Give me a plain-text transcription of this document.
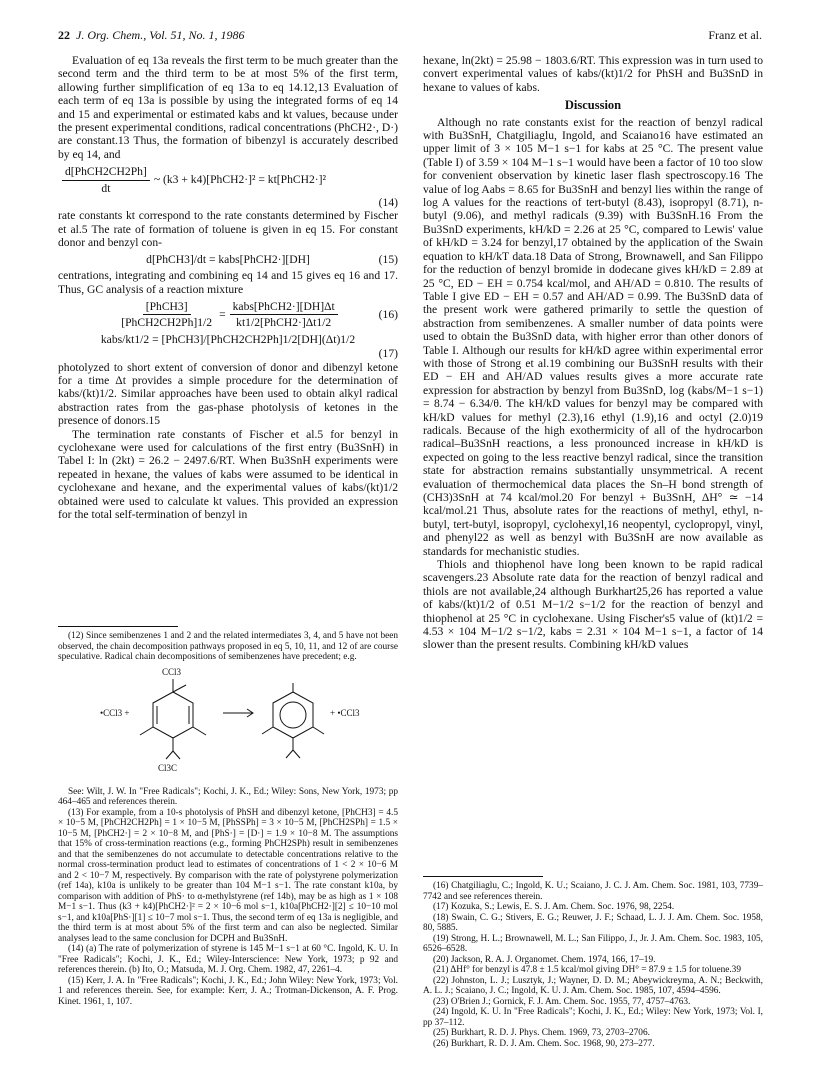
22 J. Org. Chem., Vol. 51, No. 1, 1986	Franz et al.

Evaluation of eq 13a reveals the first term to be much greater than the second term and the third term to be at most 5% of the first term, allowing further simplification of eq 13a to eq 14.12,13 Evaluation of each term of eq 13a is possible by using the integrated forms of eq 14 and 15 and experimental or estimated kabs and kt values, because under the present experimental conditions, radical concentrations (PhCH2·, D·) are constant.13 Thus, the formation of bibenzyl is accurately described by eq 14, and

$\frac{\text{d[PhCH2CH2Ph]}}{dt}$ ~ (k3 + k4)[PhCH2·]² = kt[PhCH2·]²
(14)

rate constants kt correspond to the rate constants determined by Fischer et al.5 The rate of formation of toluene is given in eq 15. For constant donor and benzyl con-

d[PhCH3]/dt = kabs[PhCH2·][DH]	(15)

centrations, integrating and combining eq 14 and 15 gives eq 16 and 17. Thus, GC analysis of a reaction mixture

$\frac{\text{[PhCH3]}}{\text{[PhCH2CH2Ph]1/2}} = \frac{\text{kabs[PhCH2·][DH]Δt}}{\text{kt1/2[PhCH2·]Δt1/2}}$	(16)
kabs/kt1/2 = [PhCH3]/[PhCH2CH2Ph]1/2[DH](Δt)1/2
(17)

photolyzed to short extent of conversion of donor and dibenzyl ketone for a time Δt provides a simple procedure for the determination of kabs/(kt)1/2. Similar approaches have been used to obtain alkyl radical abstraction rates from the gas-phase photolysis of ketones in the presence of donors.15

The termination rate constants of Fischer et al.5 for benzyl in cyclohexane were used for calculations of the first entry (Bu3SnH) in Tabel I: ln (2kt) = 26.2 − 2497.6/RT. When Bu3SnH experiments were repeated in hexane, the values of kabs were assumed to be identical in cyclohexane and hexane, and the experimental values of kabs/(kt)1/2 obtained were used to calculate kt values. This provided an expression for the total self-termination of benzyl in

(12) Since semibenzenes 1 and 2 and the related intermediates 3, 4, and 5 have not been observed, the chain decomposition pathways proposed in eq 5, 10, 11, and 12 of are course speculative. Radical chain decompositions of semibenzenes have precedent; e.g.

CCl3
•CCl3 +	+ •CCl3
Cl3C

See: Wilt, J. W. In "Free Radicals"; Kochi, J. K., Ed.; Wiley: Sons, New York, 1973; pp 464–465 and references therein.

(13) For example, from a 10-s photolysis of PhSH and dibenzyl ketone, [PhCH3] = 4.5 × 10−5 M, [PhCH2CH2Ph] = 1 × 10−5 M, [PhSSPh] = 3 × 10−5 M, [PhCH2SPh] = 1.5 × 10−5 M, [PhCH2·] = 2 × 10−8 M, and [PhS·] = [D·] = 1.9 × 10−8 M. The assumptions that 15% of cross-termination reactions (e.g., forming PhCH2SPh) result in semibenzenes and that the semibenzenes do not accumulate to detectable concentrations relative to the normal cross-termination product lead to estimates of concentrations of 1 < 2 × 10−6 M and 2 < 10−7 M, respectively. By comparison with the rate of polystyrene polymerization (ref 14a), k10a is unlikely to be greater than 104 M−1 s−1. The rate constant k10a, by comparison with addition of PhS· to α-methylstyrene (ref 14b), may be as high as 1 × 108 M−1 s−1. Thus (k3 + k4)[PhCH2·]² = 2 × 10−6 mol s−1, k10a[PhCH2·][2] ≤ 10−10 mol s−1, and k10a[PhS·][1] ≤ 10−7 mol s−1. Thus, the second term of eq 13a is negligible, and the third term is at most about 5% of the first term and can also be neglected. Similar analyses lead to the same conclusion for DCPH and Bu3SnH.

(14) (a) The rate of polymerization of styrene is 145 M−1 s−1 at 60 °C. Ingold, K. U. In "Free Radicals"; Kochi, J. K., Ed.; Wiley-Interscience: New York, 1973; p 92 and references therein. (b) Ito, O.; Matsuda, M. J. Org. Chem. 1982, 47, 2261–4.

(15) Kerr, J. A. In "Free Radicals"; Kochi, J. K., Ed.; John Wiley: New York, 1973; Vol. 1 and references therein. See, for example: Kerr, J. A.; Trotman-Dickenson, A. F. Prog. Kinet. 1961, 1, 107.

hexane, ln(2kt) = 25.98 − 1803.6/RT. This expression was in turn used to convert experimental values of kabs/(kt)1/2 for PhSH and Bu3SnD in hexane to values of kabs.

Discussion

Although no rate constants exist for the reaction of benzyl radical with Bu3SnH, Chatgiliaglu, Ingold, and Scaiano16 have estimated an upper limit of 3 × 105 M−1 s−1 for kabs at 25 °C. The present value (Table I) of 3.59 × 104 M−1 s−1 would have been a factor of 10 too slow for convenient observation by kinetic laser flash spectroscopy.16 The value of log Aabs = 8.65 for Bu3SnH and benzyl lies within the range of log A values for the reactions of tert-butyl (8.43), isopropyl (8.71), n-butyl (9.06), and methyl radicals (9.39) with Bu3SnH.16 From the Bu3SnD experiments, kH/kD = 2.26 at 25 °C, compared to Lewis' value of kH/kD = 3.24 for benzyl,17 obtained by the application of the Swain equation to kH/kT data.18 Data of Strong, Brownawell, and San Filippo for the reduction of benzyl bromide in dodecane gives kH/kD = 2.89 at 25 °C, ED − EH = 0.754 kcal/mol, and AH/AD = 0.810. The results of Table I give ED − EH = 0.57 and AH/AD = 0.99. The Bu3SnD data of the present work were gathered primarily to settle the question of abstraction from semibenzenes. A smaller number of data points were used to obtain the Bu3SnD data, with higher error than other donors of Table I. Although our results for kH/kD agree within experimental error with those of Strong et al.19 combining our Bu3SnH results with their ED − EH and AH/AD values results gives a more accurate rate expression for abstraction by benzyl from Bu3SnD, log (kabs/M−1 s−1) = 8.74 − 6.34/θ. The kH/kD values for benzyl may be compared with kH/kD values for methyl (2.3),16 ethyl (1.9),16 and octyl (2.0)19 radicals. Because of the high exothermicity of all of the hydrocarbon radical–Bu3SnH reactions, a less pronounced increase in kH/kD is expected on going to the less reactive benzyl radical, since the transition state for abstraction remains substantially unsymmetrical. A recent evaluation of thermochemical data places the Sn–H bond strength of (CH3)3SnH at 74 kcal/mol.20 For benzyl + Bu3SnH, ΔH° ≃ −14 kcal/mol.21 Thus, absolute rates for the reactions of methyl, ethyl, n-butyl, tert-butyl, isopropyl, cyclohexyl,16 neopentyl, cyclopropyl, vinyl, and phenyl22 as well as benzyl with Bu3SnH are now available as standards for mechanistic studies.

Thiols and thiophenol have long been known to be rapid radical scavengers.23 Absolute rate data for the reaction of benzyl radical and thiols are not available,24 although Burkhart25,26 has reported a value of kabs/(kt)1/2 of 0.51 M−1/2 s−1/2 for the reaction of benzyl and thiophenol at 25 °C in cyclohexane. Using Fischer's5 value of (kt)1/2 = 4.53 × 104 M−1/2 s−1/2, kabs = 2.31 × 104 M−1 s−1, a factor of 14 slower than the present results. Combining kH/kD values

(16) Chatgiliaglu, C.; Ingold, K. U.; Scaiano, J. C. J. Am. Chem. Soc. 1981, 103, 7739–7742 and see references therein.

(17) Kozuka, S.; Lewis, E. S. J. Am. Chem. Soc. 1976, 98, 2254.

(18) Swain, C. G.; Stivers, E. G.; Reuwer, J. F.; Schaad, L. J. J. Am. Chem. Soc. 1958, 80, 5885.

(19) Strong, H. L.; Brownawell, M. L.; San Filippo, J., Jr. J. Am. Chem. Soc. 1983, 105, 6526–6528.

(20) Jackson, R. A. J. Organomet. Chem. 1974, 166, 17–19.

(21) ΔHf° for benzyl is 47.8 ± 1.5 kcal/mol giving DH° = 87.9 ± 1.5 for toluene.39

(22) Johnston, L. J.; Lusztyk, J.; Wayner, D. D. M.; Abeywickreyma, A. N.; Beckwith, A. L. J.; Scaiano, J. C.; Ingold, K. U. J. Am. Chem. Soc. 1985, 107, 4594–4596.

(23) O'Brien J.; Gornick, F. J. Am. Chem. Soc. 1955, 77, 4757–4763.

(24) Ingold, K. U. In "Free Radicals"; Kochi, J. K., Ed.; Wiley: New York, 1973; Vol. I, pp 37–112.

(25) Burkhart, R. D. J. Phys. Chem. 1969, 73, 2703–2706.

(26) Burkhart, R. D. J. Am. Chem. Soc. 1968, 90, 273–277.
